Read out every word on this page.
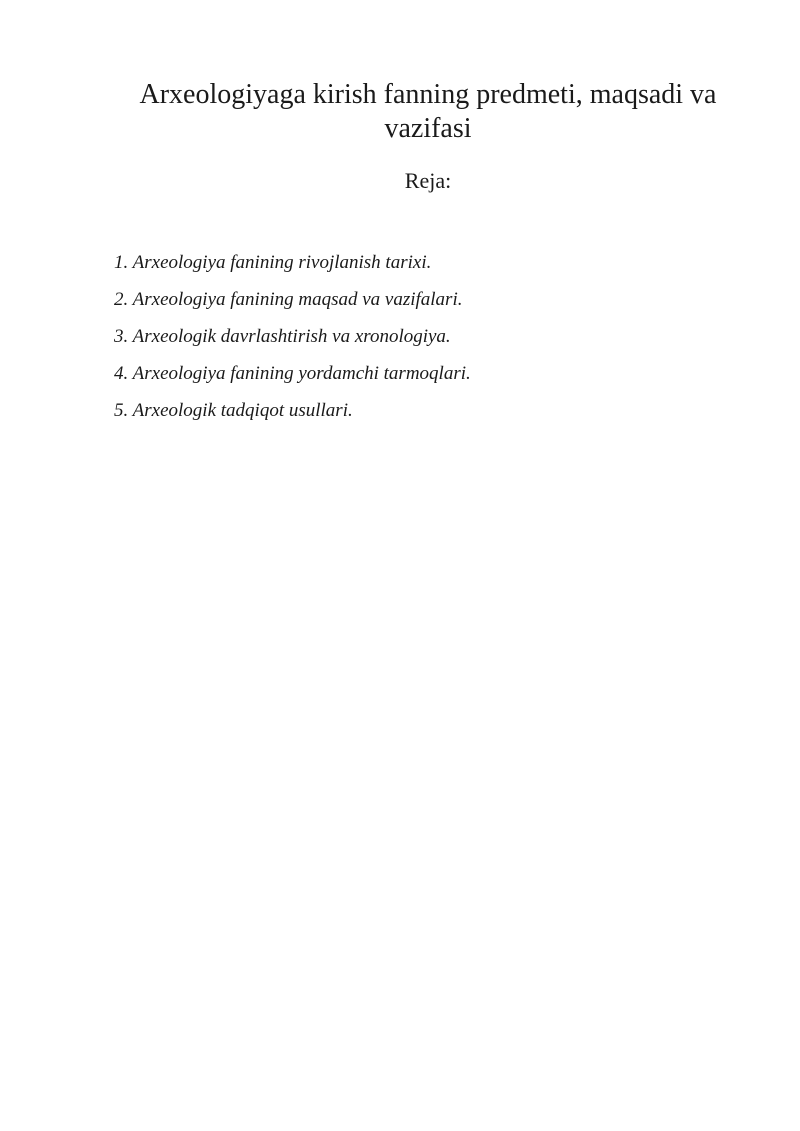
Arxeologiyaga kirish fanning predmeti, maqsadi va vazifasi
Reja:
1. Arxeologiya fanining rivojlanish tarixi.
2. Arxeologiya fanining maqsad va vazifalari.
3. Arxeologik davrlashtirish va xronologiya.
4. Arxeologiya fanining yordamchi tarmoqlari.
5. Arxeologik tadqiqot usullari.
